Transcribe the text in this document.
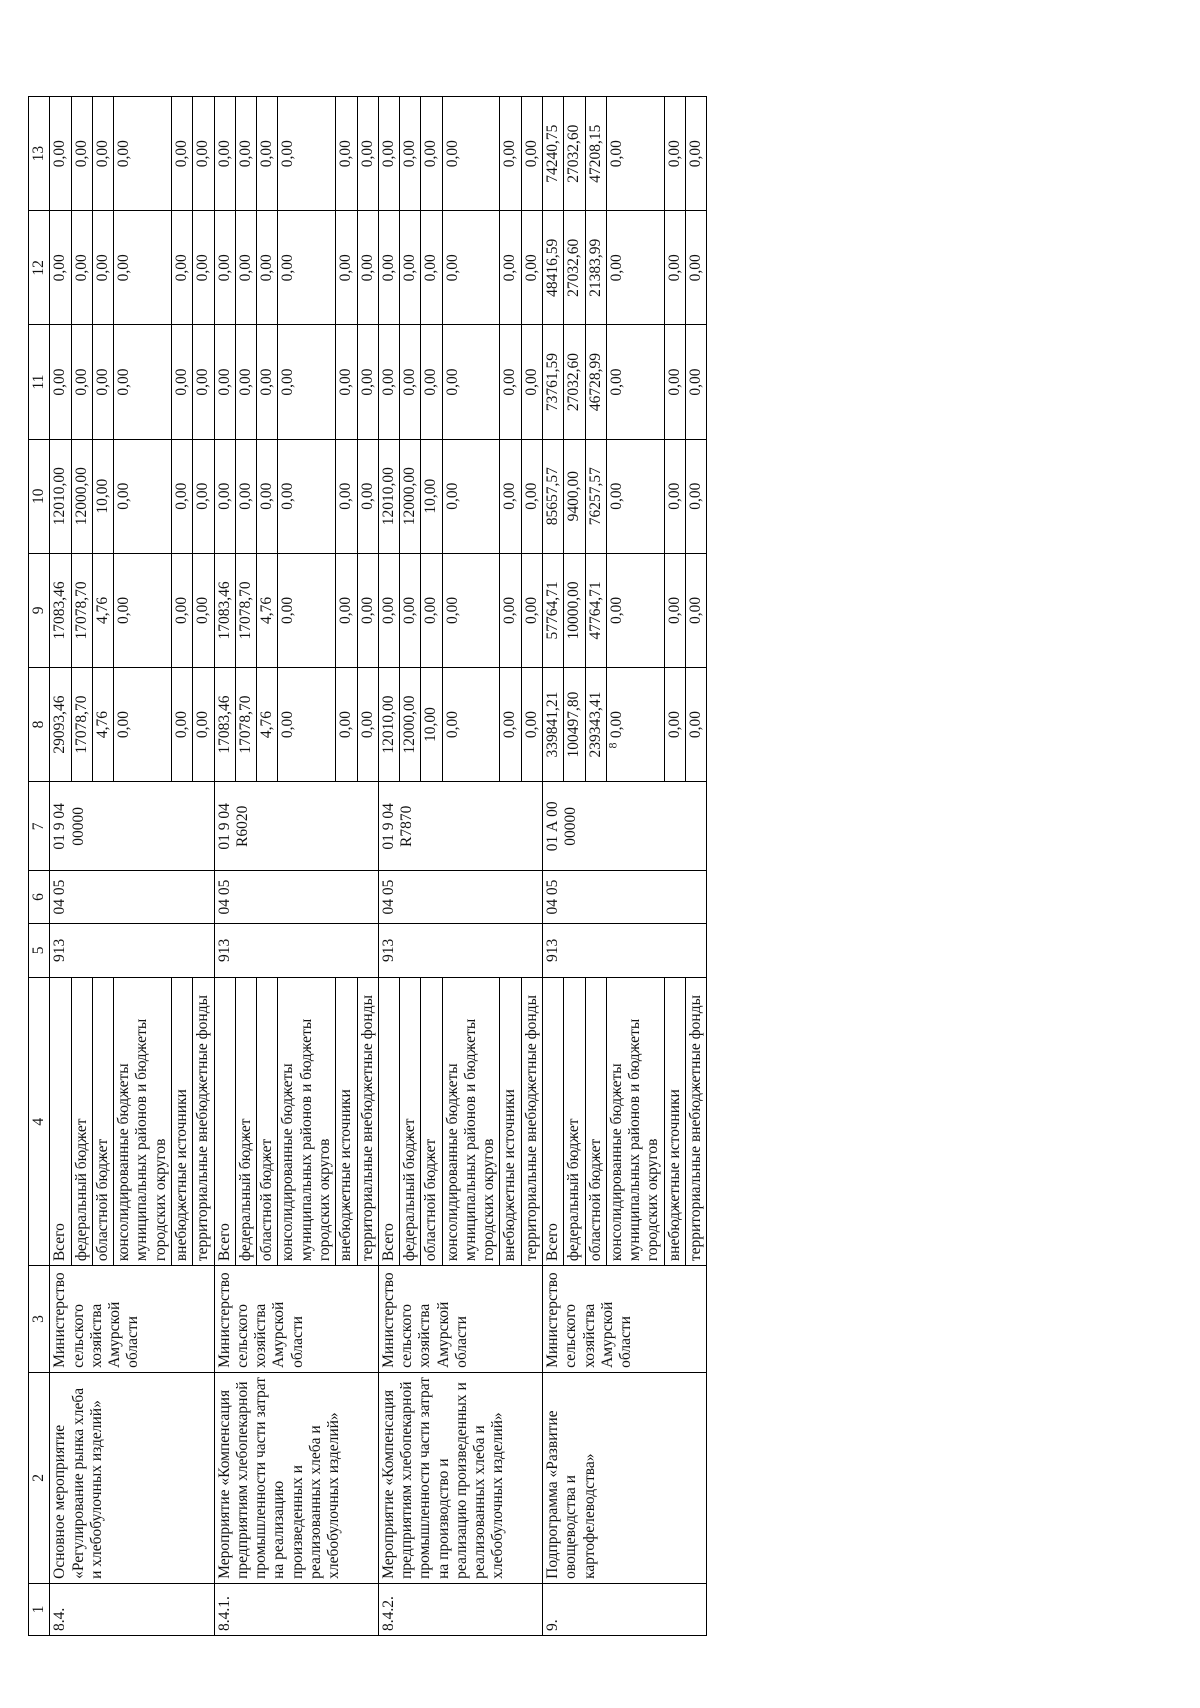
8
1	2	3	4	5	6	7	8	9	10	11	12	13
8.4.	Основное мероприятие «Регулирование рынка хлеба и хлебобулочных изделий»	Министерство сельского хозяйства Амурской области	Всего	913	04 05	01 9 04 00000	29093,46	17083,46	12010,00	0,00	0,00	0,00
			федеральный бюджет				17078,70	17078,70	12000,00	0,00	0,00	0,00
			областной бюджет				4,76	4,76	10,00	0,00	0,00	0,00
			консолидированные бюджеты муниципальных районов и бюджеты городских округов				0,00	0,00	0,00	0,00	0,00	0,00
			внебюджетные источники				0,00	0,00	0,00	0,00	0,00	0,00
			территориальные внебюджетные фонды				0,00	0,00	0,00	0,00	0,00	0,00
8.4.1.	Мероприятие «Компенсация предприятиям хлебопекарной промышленности части затрат на реализацию произведенных и реализованных хлеба и хлебобулочных изделий»	Министерство сельского хозяйства Амурской области	Всего	913	04 05	01 9 04 R6020	17083,46	17083,46	0,00	0,00	0,00	0,00
			федеральный бюджет				17078,70	17078,70	0,00	0,00	0,00	0,00
			областной бюджет				4,76	4,76	0,00	0,00	0,00	0,00
			консолидированные бюджеты муниципальных районов и бюджеты городских округов				0,00	0,00	0,00	0,00	0,00	0,00
			внебюджетные источники				0,00	0,00	0,00	0,00	0,00	0,00
			территориальные внебюджетные фонды				0,00	0,00	0,00	0,00	0,00	0,00
8.4.2.	Мероприятие «Компенсация предприятиям хлебопекарной промышленности части затрат на производство и реализацию произведенных и реализованных хлеба и хлебобулочных изделий»	Министерство сельского хозяйства Амурской области	Всего	913	04 05	01 9 04 R7870	12010,00	0,00	12010,00	0,00	0,00	0,00
			федеральный бюджет				12000,00	0,00	12000,00	0,00	0,00	0,00
			областной бюджет				10,00	0,00	10,00	0,00	0,00	0,00
			консолидированные бюджеты муниципальных районов и бюджеты городских округов				0,00	0,00	0,00	0,00	0,00	0,00
			внебюджетные источники				0,00	0,00	0,00	0,00	0,00	0,00
			территориальные внебюджетные фонды				0,00	0,00	0,00	0,00	0,00	0,00
9.	Подпрограмма «Развитие овощеводства и картофелеводства»	Министерство сельского хозяйства Амурской области	Всего	913	04 05	01 А 00 00000	339841,21	57764,71	85657,57	73761,59	48416,59	74240,75
			федеральный бюджет				100497,80	10000,00	9400,00	27032,60	27032,60	27032,60
			областной бюджет				239343,41	47764,71	76257,57	46728,99	21383,99	47208,15
			консолидированные бюджеты муниципальных районов и бюджеты городских округов				0,00	0,00	0,00	0,00	0,00	0,00
			внебюджетные источники				0,00	0,00	0,00	0,00	0,00	0,00
			территориальные внебюджетные фонды				0,00	0,00	0,00	0,00	0,00	0,00
